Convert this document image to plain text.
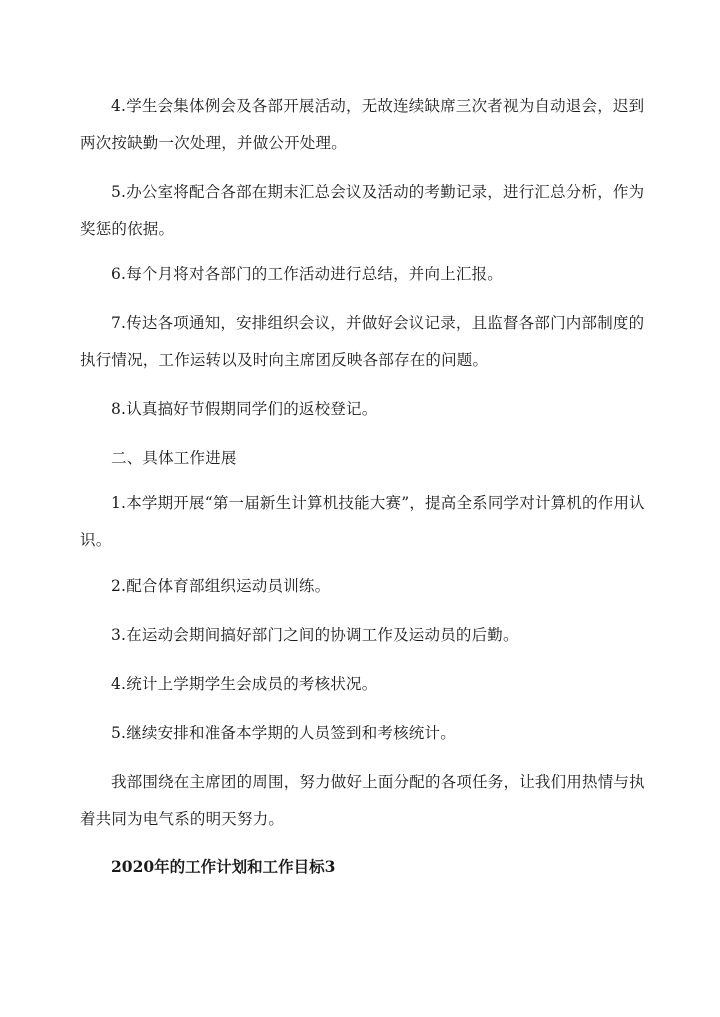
4.学生会集体例会及各部开展活动，无故连续缺席三次者视为自动退会，迟到两次按缺勤一次处理，并做公开处理。

5.办公室将配合各部在期末汇总会议及活动的考勤记录，进行汇总分析，作为奖惩的依据。

6.每个月将对各部门的工作活动进行总结，并向上汇报。

7.传达各项通知，安排组织会议，并做好会议记录，且监督各部门内部制度的执行情况，工作运转以及时向主席团反映各部存在的问题。

8.认真搞好节假期同学们的返校登记。

二、具体工作进展

1.本学期开展“第一届新生计算机技能大赛”，提高全系同学对计算机的作用认识。

2.配合体育部组织运动员训练。

3.在运动会期间搞好部门之间的协调工作及运动员的后勤。

4.统计上学期学生会成员的考核状况。

5.继续安排和准备本学期的人员签到和考核统计。

我部围绕在主席团的周围，努力做好上面分配的各项任务，让我们用热情与执着共同为电气系的明天努力。

2020年的工作计划和工作目标3
